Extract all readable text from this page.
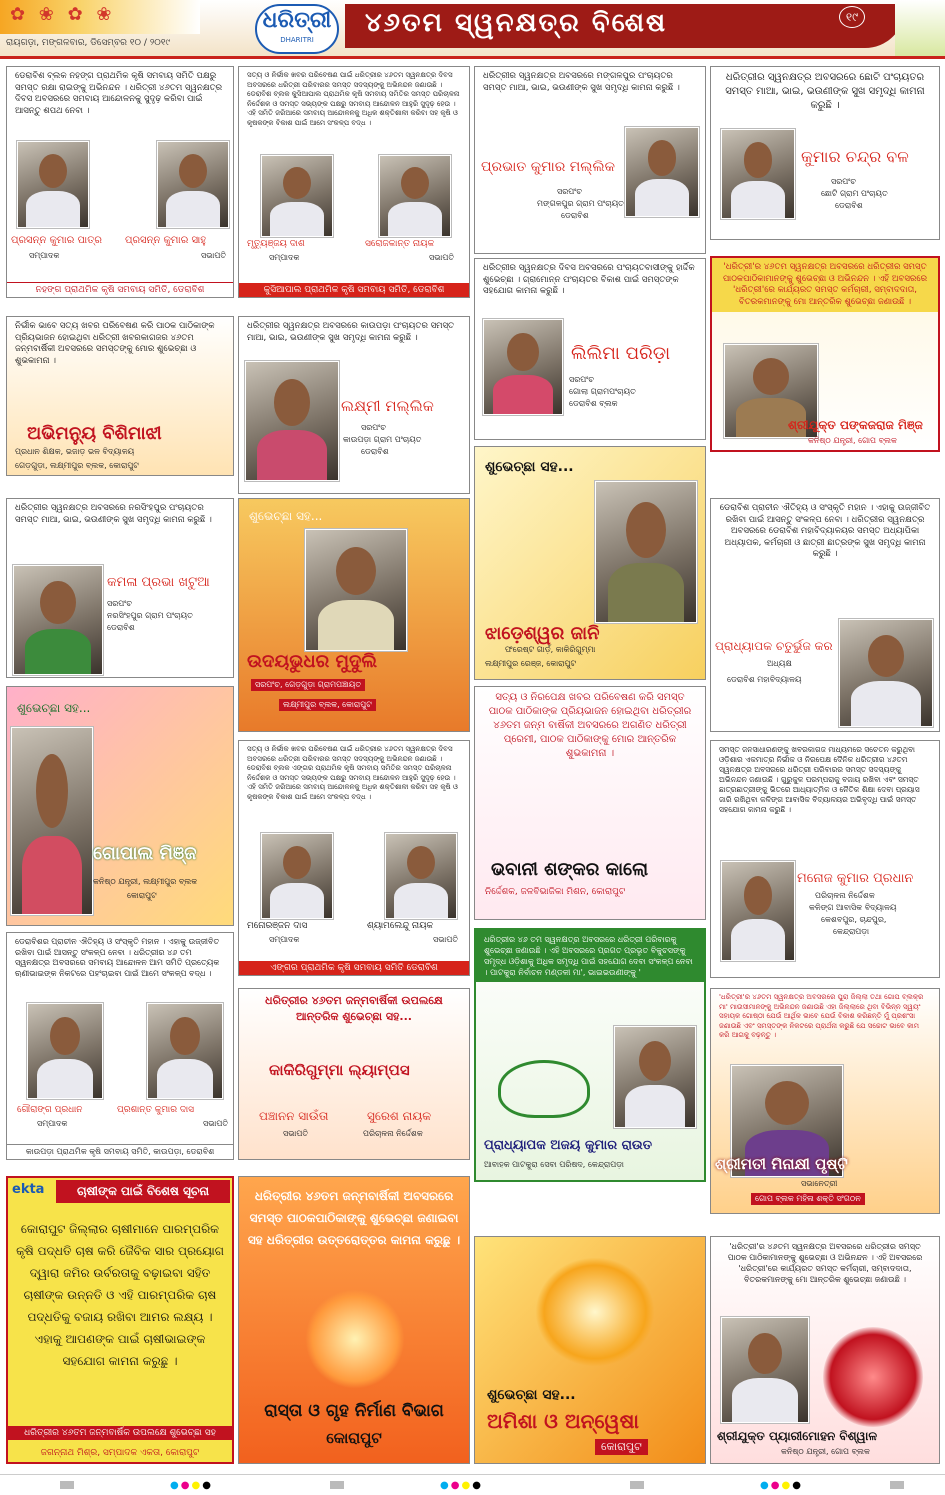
✿ ❀ ✿ ❀
ରାୟଗଡ଼ା, ମଙ୍ଗଳବାର, ଡିସେମ୍ବର ୧୦ / ୨୦୧୯
ଧରିତ୍ରୀ
DHARITRI
୪୬ତମ ସ୍ୱନକ୍ଷତ୍ର ବିଶେଷ	୧୯
ଡେରାବିଶ ବ୍ଲକ ନହଙ୍ଗ ପ୍ରାଥମିକ କୃଷି ସମବାୟ ସମିତି ପକ୍ଷରୁ ସମସ୍ତ ରକ୍ଷା ରାଇଙ୍କୁ ଅଭିନନ୍ଦନ । ଧରିତ୍ରୀ ୪୬ତମ ସ୍ୱନକ୍ଷତ୍ର ଦିବସ ଅବସରରେ ସମବାୟ ଆନ୍ଦୋଳନକୁ ସୁଦୃଢ଼ କରିବା ପାଇଁ ଆସନ୍ତୁ ଶପଥ ନେବା ।
ପ୍ରସନ୍ନ କୁମାର ପାତ୍ର
ସମ୍ପାଦକ
ପ୍ରସନ୍ନ କୁମାର ସାହୁ
ସଭାପତି
ନହଙ୍ଗ ପ୍ରାଥମିକ କୃଷି ସମବାୟ ସମିତି, ଡେରାବିଶ
ସତ୍ୟ ଓ ନିର୍ଭୀକ ଖବର ପରିବେଷଣ ପାଇଁ ଧରିତ୍ରୀର ୪୬ତମ ସ୍ୱନକ୍ଷତ୍ର ଦିବସ ଅବସରରେ ଧରିତ୍ରୀ ପରିବାରର ସମସ୍ତ ସଦସ୍ୟଙ୍କୁ ଅଭିନନ୍ଦନ ଜଣାଉଛି । ଡେରାବିଶ ବ୍ଲକ କୁସିଆପାଲ ପ୍ରାଥମିକ କୃଷି ସମବାୟ ସମିତିର ସମସ୍ତ ପରିଚାଳନା ନିର୍ଦ୍ଦେଶକ ଓ ସମସ୍ତ ସଭ୍ୟଙ୍କ ପକ୍ଷରୁ ସମବାୟ ଆନ୍ଦୋଳନ ଆହୁରି ସୁଦୃଢ଼ ହେଉ । ଏହି ସମିତି ଜରିଆରେ ସମବାୟ ଆନ୍ଦୋଳନକୁ ଅଧିକ ଶକ୍ତିଶାଳୀ କରିବା ସହ କୃଷି ଓ କୃଷକଙ୍କ ବିକାଶ ପାଇଁ ଆମେ ସଂକଳ୍ପ ବଦ୍ଧ ।
ମୃତ୍ୟୁଞ୍ଜୟ ଦାଶ
ସମ୍ପାଦକ
ସରୋଜକାନ୍ତ ନାୟକ
ସଭାପତି
କୁସିଆପାଲ ପ୍ରାଥମିକ କୃଷି ସମବାୟ ସମିତି, ଡେରାବିଶ
ଧରିତ୍ରୀର ସ୍ୱନକ୍ଷତ୍ର ଅବସରରେ ମଙ୍ଗଳପୁର ପଂଚାୟତର ସମସ୍ତ ମାଆ, ଭାଇ, ଭଉଣୀଙ୍କ ସୁଖ ସମୃଦ୍ଧି କାମନା କରୁଛି ।
ପ୍ରଭାତ କୁମାର ମଲ୍ଲିକ
ସରପଂଚ
ମଙ୍ଗଳପୁର ଗ୍ରାମ ପଂଚାୟତ
ଡେରାବିଶ
ଧରିତ୍ରୀର ସ୍ୱନକ୍ଷତ୍ର ଅବସରରେ ଛୋଟି ପଂଚାୟତର ସମସ୍ତ ମାଆ, ଭାଇ, ଭଉଣୀଙ୍କ ସୁଖ ସମୃଦ୍ଧି କାମନା କରୁଛି ।
କୁମାର ଚନ୍ଦ୍ର ବଳ
ସରପଂଚ
ଛୋଟି ଗ୍ରାମ ପଂଚାୟତ
ଡେରାବିଶ
ଧରିତ୍ରୀର ସ୍ୱନକ୍ଷତ୍ର ଦିବସ ଅବସରରେ ପଂଚାୟତବାସୀଙ୍କୁ ହାର୍ଦ୍ଦିକ ଶୁଭେଚ୍ଛା । ଗ୍ରାମୋନ୍ନ ପଂଚାୟତର ବିକାଶ ପାଇଁ ସମସ୍ତଙ୍କ ସହଯୋଗ କାମନା କରୁଛି ।
ଲିଲିମା ପରିଡ଼ା
ସରପଂଚ
ଗୋଲା ଗ୍ରାମପଂଚାୟତ
ଡେରାବିଶ ବ୍ଲକ
'ଧରିତ୍ରୀ'ର ୪୬ତମ ସ୍ୱନକ୍ଷତ୍ର ଅବସରରେ ଧରିତ୍ରୀର ସମସ୍ତ ପାଠକପାଠିକାମାନଙ୍କୁ ଶୁଭେଚ୍ଛା ଓ ଅଭିନନ୍ଦନ । ଏହି ଅବସରରେ 'ଧରିତ୍ରୀ'ରେ କାର୍ଯ୍ୟରତ ସମସ୍ତ କର୍ମଚାରୀ, ସମ୍ବାଦଦାତା, ବିତରକମାନଙ୍କୁ ମୋ ଆନ୍ତରିକ ଶୁଭେଚ୍ଛା ଜଣାଉଛି ।
ଶ୍ରୀଯୁକ୍ତ ପଙ୍କଜରାଜ ମିଞ୍ଜ
କନିଷ୍ଠ ଯନ୍ତ୍ରୀ, ଗୋପ ବ୍ଲକ
ନିର୍ଭୀକ ଭାବେ ସତ୍ୟ ଖବର ପରିବେଷଣ କରି ପାଠକ ପାଠିକାଙ୍କ ପ୍ରିୟଭାଜନ ହୋଇଥିବା ଧରିତ୍ରୀ ଖବରକାଗଜର ୪୬ତମ ଜନ୍ମବାର୍ଷିକୀ ଅବସରରେ ସମସ୍ତଙ୍କୁ ମୋର ଶୁଭେଚ୍ଛା ଓ ଶୁଭକାମନା ।
ଅଭିମନ୍ୟୁ ବିଶିମାଝୀ
ପ୍ରଧାନ ଶିକ୍ଷକ, ଭଜାଡ଼ ଭଳ ବିଦ୍ୟାଳୟ
ଗେଡ଼ଗୁଡ଼ା, ଲକ୍ଷ୍ମୀପୁର ବ୍ଲକ, କୋରାପୁଟ
ଧରିତ୍ରୀର ସ୍ୱନକ୍ଷତ୍ର ଅବସରରେ କାଉପଡ଼ା ପଂଚାୟତର ସମସ୍ତ ମାଆ, ଭାଇ, ଭଉଣୀଙ୍କ ସୁଖ ସମୃଦ୍ଧି କାମନା କରୁଛି ।
ଲକ୍ଷ୍ମୀ ମଲ୍ଲିକ
ସରପଂଚ
କାଉପଡ଼ା ଗ୍ରାମ ପଂଚାୟତ
ଡେରାବିଶ
ଶୁଭେଚ୍ଛା ସହ...
ଝାଡ଼େଶ୍ୱର ଜାନି
ଫରେଷ୍ଟ ଗାର୍ଡ଼, କାକିରିଗୁମ୍ମା
ଲକ୍ଷ୍ମୀପୁର ରେଞ୍ଜ, କୋରାପୁଟ
ଧରିତ୍ରୀର ସ୍ୱନକ୍ଷତ୍ର ଅବସରରେ ନରସିଂହପୁର ପଂଚାୟତର ସମସ୍ତ ମାଆ, ଭାଇ, ଭଉଣୀଙ୍କ ସୁଖ ସମୃଦ୍ଧି କାମନା କରୁଛି ।
କମଳା ପ୍ରଭା ଖଟୁଆ
ସରପଂଚ
ନରସିଂହପୁର ଗ୍ରାମ ପଂଚାୟତ
ଡେରାବିଶ
ଶୁଭେଚ୍ଛା ସହ...
ଉଦୟଭୁଧର ମୁଦୁଲି
ସରପଂଚ, ଗେଡ଼ଗୁଡ଼ା ଗ୍ରାମପଞ୍ଚାୟତ
ଲକ୍ଷ୍ମୀପୁର ବ୍ଲକ, କୋରାପୁଟ
ଡେରାବିଶ ପ୍ରାଚୀନ ଐତିହ୍ୟ ଓ ସଂସ୍କୃତି ମହାନ । ଏହାକୁ ଉଜ୍ଜୀବିତ ରଖିବା ପାଇଁ ଆସନ୍ତୁ ସଂକଳ୍ପ ନେବା । ଧରିତ୍ରୀର ସ୍ୱନକ୍ଷତ୍ର ଅବସରରେ ଡେରାବିଶ ମହାବିଦ୍ୟାଳୟର ସମସ୍ତ ଅଧ୍ୟାପିକା ଅଧ୍ୟାପକ, କର୍ମଚାରୀ ଓ ଛାତ୍ରୀ ଛାତ୍ରଙ୍କ ସୁଖ ସମୃଦ୍ଧି କାମନା କରୁଛି ।
ପ୍ରାଧ୍ୟାପକ ଚତୁର୍ଭୁଜ କର
ଅଧ୍ୟକ୍ଷ
ଡେରାବିଶ ମହାବିଦ୍ୟାଳୟ
ଶୁଭେଚ୍ଛା ସହ...
ଗୋପାଲ ମିଞ୍ଜ
କନିଷ୍ଠ ଯନ୍ତ୍ରୀ, ଲକ୍ଷ୍ମୀପୁର ବ୍ଲକ
କୋରାପୁଟ
ସତ୍ୟ ଓ ନିର୍ଭୀକ ଖବର ପରିବେଷଣ ପାଇଁ ଧରିତ୍ରୀର ୪୬ତମ ସ୍ୱନକ୍ଷତ୍ର ଦିବସ ଅବସରରେ ଧରିତ୍ରୀ ପରିବାରର ସମସ୍ତ ସଦସ୍ୟଙ୍କୁ ଅଭିନନ୍ଦନ ଜଣାଉଛି । ଡେରାବିଶ ବ୍ଲକ ଏଙ୍ଗର ପ୍ରାଥମିକ କୃଷି ସମବାୟ ସମିତିର ସମସ୍ତ ପରିଚାଳନା ନିର୍ଦ୍ଦେଶକ ଓ ସମସ୍ତ ସଭ୍ୟଙ୍କ ପକ୍ଷରୁ ସମବାୟ ଆନ୍ଦୋଳନ ଆହୁରି ସୁଦୃଢ଼ ହେଉ । ଏହି ସମିତି ଜରିଆରେ ସମବାୟ ଆନ୍ଦୋଳନକୁ ଅଧିକ ଶକ୍ତିଶାଳୀ କରିବା ସହ କୃଷି ଓ କୃଷକଙ୍କ ବିକାଶ ପାଇଁ ଆମେ ସଂକଳ୍ପ ବଦ୍ଧ ।
ମନୋରଞ୍ଜନ ଦାସ
ସମ୍ପାଦକ
ଶ୍ୟାମଲେନ୍ଦୁ ନାୟକ
ସଭାପତି
ଏଙ୍ଗର ପ୍ରାଥମିକ କୃଷି ସମବାୟ ସମିତି ଡେରାବିଶ
ସତ୍ୟ ଓ ନିରପେକ୍ଷ ଖବର ପରିବେଷଣ କରି ସମସ୍ତ ପାଠକ ପାଠିକାଙ୍କ ପ୍ରିୟଭାଜନ ହୋଇଥିବା ଧରିତ୍ରୀର ୪୬ତମ ଜନ୍ମ ବାର୍ଷିକୀ ଅବସରରେ ଅଗଣିତ ଧରିତ୍ରୀ ପ୍ରେମୀ, ପାଠକ ପାଠିକାଙ୍କୁ ମୋର ଆନ୍ତରିକ ଶୁଭକାମନା ।
ଭବାନୀ ଶଙ୍କର କାଲୋ
ନିର୍ଦ୍ଦେଶକ, ଜଳବିଭାଜିକା ମିଶନ, କୋରାପୁଟ
ସମସ୍ତ ଜନସାଧାରଣଙ୍କୁ ଖବରକାଗଜ ମାଧ୍ୟମରେ ସଚେତନ କରୁଥିବା ଓଡ଼ିଶାର ଏକମାତ୍ର ନିର୍ଭୀକ ଓ ନିରପେକ୍ଷ ଦୈନିକ ଧରିତ୍ରୀର ୪୬ତମ ସ୍ୱନକ୍ଷତ୍ର ଅବସରରେ ଧରିତ୍ରୀ ପରିବାରର ସମସ୍ତ ସଦସ୍ୟଙ୍କୁ ଅଭିନନ୍ଦନ ଜଣାଉଛି । ଗୁରୁକୁଳ ପରମ୍ପରାକୁ ବଜାୟ ରଖିବା ଏବଂ ସମସ୍ତ ଛାତ୍ରଛାତ୍ରୀଙ୍କୁ ଭିତରେ ଆଧ୍ୟାତ୍ମିକ ଓ ନୈତିକ ଶିକ୍ଷା ଦେବା ପ୍ରୟାସ ଜାରି ରଖିଥିବା କଳିଙ୍ଗ ଆବାସିକ ବିଦ୍ୟାଳୟର ଅଭିବୃଦ୍ଧି ପାଇଁ ସମସ୍ତ ସହଯୋଗ କାମନା କରୁଛି ।
ମନୋଜ କୁମାର ପ୍ରଧାନ
ପରିଚାଳନା ନିର୍ଦ୍ଦେଶକ
କଳିଙ୍ଗ ଆବାସିକ ବିଦ୍ୟାଳୟ
କେଶବପୁର, ଚାନ୍ଦପୁର,
କେନ୍ଦ୍ରାପଡ଼ା
ଡେରାବିଶର ପ୍ରାଚୀନ ଐତିହ୍ୟ ଓ ସଂସ୍କୃତି ମହାନ । ଏହାକୁ ଉଜ୍ଜୀବିତ ରଖିବା ପାଇଁ ଆସନ୍ତୁ ସଂକଳ୍ପ ନେବା । ଧରିତ୍ରୀର ୪୬ ତମ ସ୍ୱନକ୍ଷତ୍ର ଅବସରରେ ସମବାୟ ଆନ୍ଦୋଳନ ଆମ ସମିତି ପ୍ରତ୍ୟେକ ଋଣୀଭାଇଙ୍କ ନିକଟରେ ପହଂଚାଇବା ପାଇଁ ଆମେ ସଂକଳ୍ପ ବଦ୍ଧ ।
ଗୌରାଙ୍ଗ ପ୍ରଧାନ
ସମ୍ପାଦକ
ପ୍ରଶାନ୍ତ କୁମାର ଦାସ
ସଭାପତି
କାଉପଡ଼ା ପ୍ରାଥମିକ କୃଷି ସମବାୟ ସମିତି, କାଉପଡ଼ା, ଡେରାବିଶ
ଧରିତ୍ରୀର ୪୬ତମ ଜନ୍ମବାର୍ଷିକୀ ଉପଲକ୍ଷେ ଆନ୍ତରିକ ଶୁଭେଚ୍ଛା ସହ...
କାକିରିଗୁମ୍ମା ଲ୍ୟାମ୍ପସ
ପଞ୍ଚାନନ ସାଉଁତା
ସଭାପତି
ସୁରେଶ ନାୟକ
ପରିଚାଳନା ନିର୍ଦ୍ଦେଶକ
ଧରିତ୍ରୀର ୪୬ ତମ ସ୍ୱନକ୍ଷତ୍ର ଅବସରରେ ଧରିତ୍ରୀ ପରିବାରକୁ ଶୁଭେଚ୍ଛା ଜଣାଉଛି । ଏହି ଅବସରରେ ପ୍ରଗତ ପ୍ରଭୃତ ବିକୁଚସଙ୍କୁ ସମୃଦ୍ଧ ଓଡ଼ିଶାକୁ ଅଧିକ ସମୃଦ୍ଧି ପାଇଁ ସହଯୋଗ ଦେବା ସଂକଳ୍ପ ନେବା । ପାଟକୁରା ନିର୍ବାଚନ ମଣ୍ଡଳୀ ମା', ଭାଇଭଉଣୀଙ୍କୁ '
ପ୍ରାଧ୍ୟାପକ ଅଜୟ କୁମାର ରାଉତ
ଆବାହକ ପାଟକୁରା ସେବା ପରିଷଦ, କେନ୍ଦ୍ରାପଡ଼ା
'ଧରିତ୍ରୀ'ର ୪୬ତମ ସ୍ୱନକ୍ଷତ୍ର ଅବସରରେ ପୁରା ଜିଲ୍ଲା ତଥା ଗୋପ ବ୍ଲକ୍‌ର ମା' ମାଉସୀମାନଙ୍କୁ ଅଭିନନ୍ଦନ ଜଣାଉଛି ଏହା ଜିଲ୍ଲାରେ ଥିବା ବିଭିନ୍ନ ସ୍ୱୟଂ ସହାୟକ ଗୋଷ୍ଠୀ ଯେଉଁ ଆର୍ଥିକ ଭାବେ ଯେଉଁ ବିକାଶ କରିଛନ୍ତି ମୁଁ ପ୍ରଶଂସା ଜଣାଉଛି ଏବଂ ସମସ୍ତଙ୍କ ନିକଟରେ ପ୍ରାର୍ଥନା କରୁଛି ଯେ ସଚ୍ଚୋଟ ଭାବେ କାମ କରି ଆଗକୁ ବଢ଼ନ୍ତୁ ।
ଶ୍ରୀମତୀ ମିନାକ୍ଷୀ ପୃଷ୍ଟି
ସଭାନେତ୍ରୀ
ଗୋପ ବ୍ଲକ ମହିଳା ଶକ୍ତି ସଂଗଠନ
ekta	ଚାଷୀଙ୍କ ପାଇଁ ବିଶେଷ ସୂଚନା
କୋରାପୁଟ ଜିଲ୍ଲାର ଚାଷୀମାନେ ପାରମ୍ପରିକ କୃଷି ପଦ୍ଧତି ଚାଷ କରି ଜୈବିକ ସାର ପ୍ରୟୋଗ ଦ୍ୱାରା ଜମିର ଉର୍ବରତାକୁ ବଢ଼ାଇବା ସହିତ ଚାଷୀଙ୍କ ଉନ୍ନତି ଓ ଏହି ପାରମ୍ପରିକ ଚାଷ ପଦ୍ଧତିକୁ ବଜାୟ ରଖିବା ଆମର ଲକ୍ଷ୍ୟ । ଏହାକୁ ଆପଣଙ୍କ ପାଇଁ ଚାଷୀଭାଇଙ୍କ ସହଯୋଗ କାମନା କରୁଛୁ ।
ଧରିତ୍ରୀର ୪୬ତମ ଜନ୍ମବାର୍ଷିକ ଉପଲକ୍ଷେ ଶୁଭେଚ୍ଛା ସହ
ଜଗନ୍ନାଥ ମିଶ୍ର, ସମ୍ପାଦକ ଏକତା, କୋରାପୁଟ
ଧରିତ୍ରୀର ୪୬ତମ ଜନ୍ମବାର୍ଷିକୀ ଅବସରରେ ସମସ୍ତ ପାଠକପାଠିକାଙ୍କୁ ଶୁଭେଚ୍ଛା ଜଣାଇବା ସହ ଧରିତ୍ରୀର ଉତ୍ତରୋତ୍ତର କାମନା କରୁଛୁ ।
ରାସ୍ତା ଓ ଗୃହ ନିର୍ମାଣ ବିଭାଗ
କୋରାପୁଟ
ଶୁଭେଚ୍ଛା ସହ...
ଅମିଶା ଓ ଅନ୍ୱେଷା
କୋରାପୁଟ
'ଧରିତ୍ରୀ'ର ୪୬ତମ ସ୍ୱନକ୍ଷତ୍ର ଅବସରରେ ଧରିତ୍ରୀର ସମସ୍ତ ପାଠକ ପାଠିକାମାନଙ୍କୁ ଶୁଭେଚ୍ଛା ଓ ଅଭିନନ୍ଦନ । ଏହି ଅବସରରେ 'ଧରିତ୍ରୀ'ରେ କାର୍ଯ୍ୟରତ ସମସ୍ତ କର୍ମଚାରୀ, ସମ୍ବାଦଦାତା, ବିତରକମାନଙ୍କୁ ମୋ ଆନ୍ତରିକ ଶୁଭେଚ୍ଛା ଜଣାଉଛି ।
ଶ୍ରୀଯୁକ୍ତ ପ୍ୟାରୀମୋହନ ବିଶ୍ୱାଳ
କନିଷ୍ଠ ଯନ୍ତ୍ରୀ, ଗୋପ ବ୍ଲକ
●●●●	●●●●	●●●●
